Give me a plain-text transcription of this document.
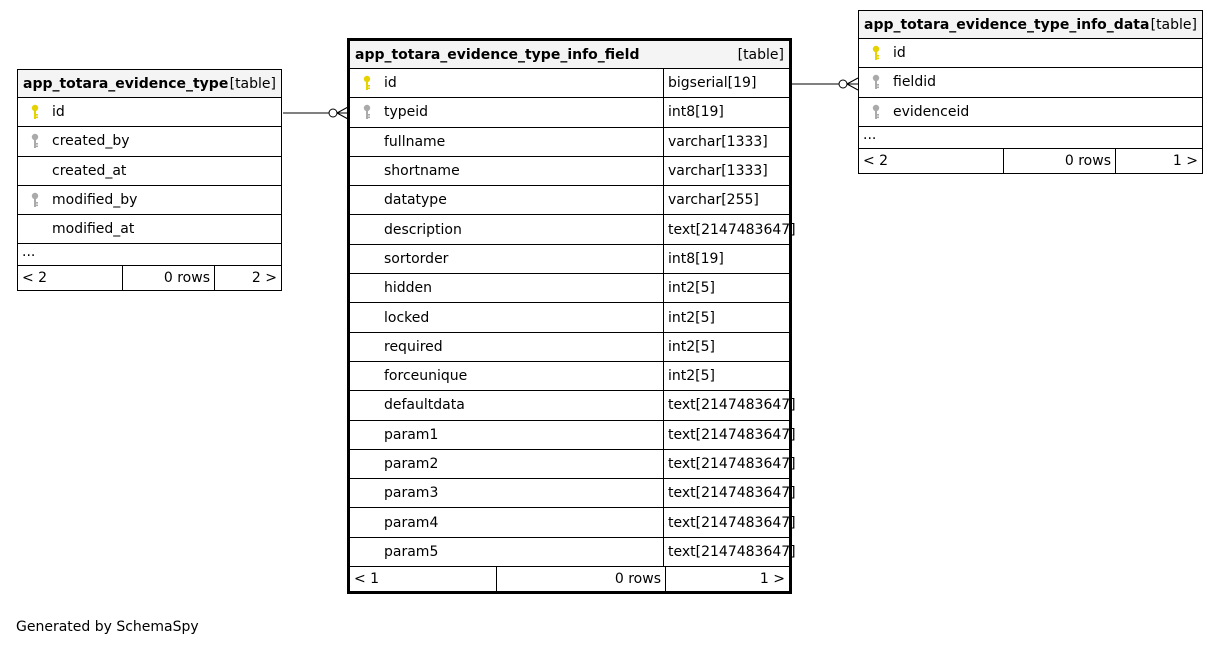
app_totara_evidence_type [table]
id
created_by
created_at
modified_by
modified_at
...
< 2	0 rows	2 >
app_totara_evidence_type_info_field	[table]
id	bigserial[19]
typeid	int8[19]
fullname	varchar[1333]
shortname	varchar[1333]
datatype	varchar[255]
description	text[2147483647]
sortorder	int8[19]
hidden	int2[5]
locked	int2[5]
required	int2[5]
forceunique	int2[5]
defaultdata	text[2147483647]
param1	text[2147483647]
param2	text[2147483647]
param3	text[2147483647]
param4	text[2147483647]
param5	text[2147483647]
< 1	0 rows	1 >
app_totara_evidence_type_info_data [table]
id
fieldid
evidenceid
...
< 2	0 rows	1 >
Generated by SchemaSpy
